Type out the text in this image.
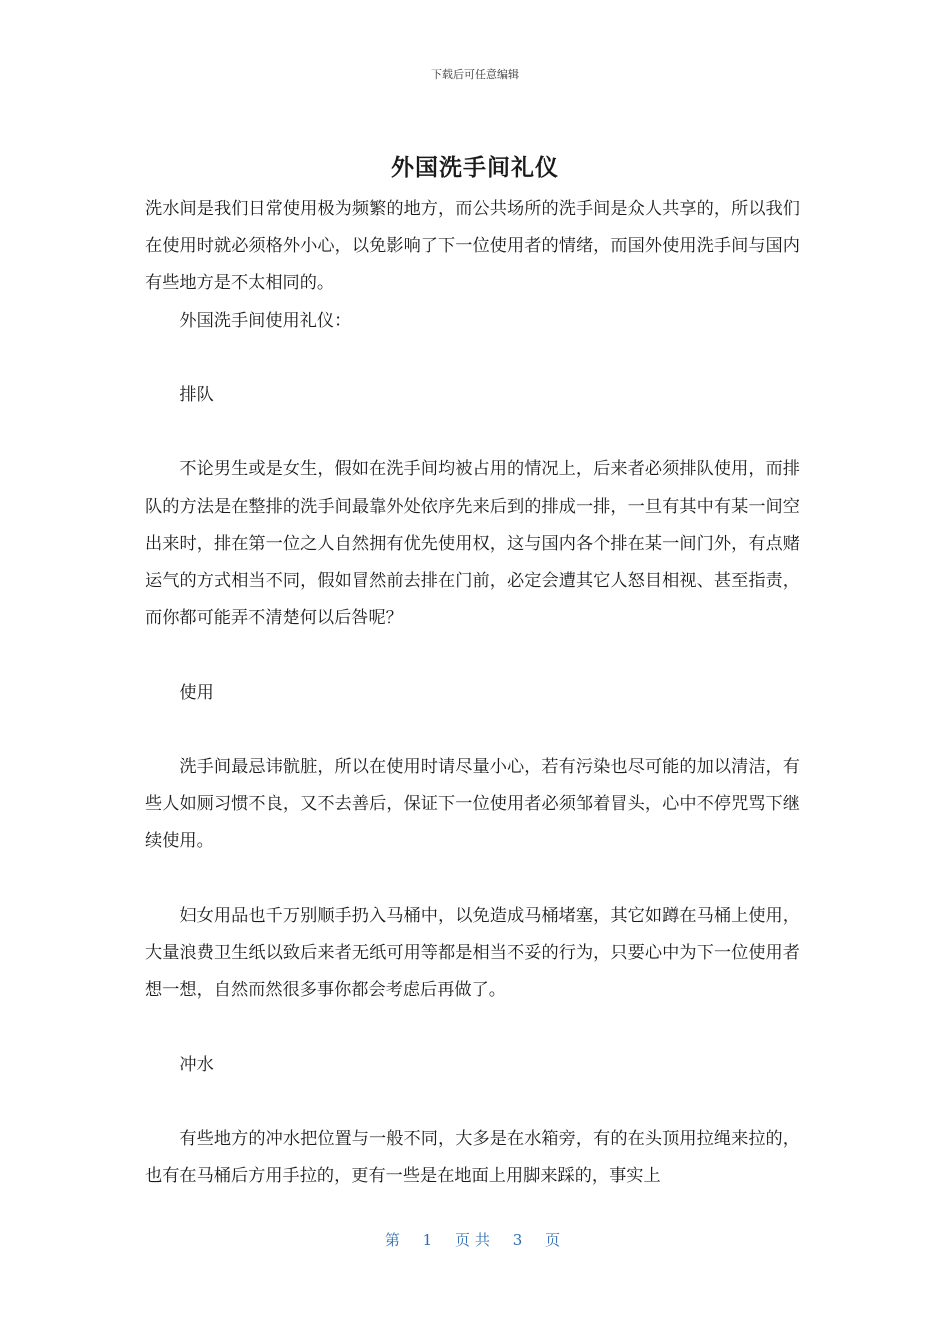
下载后可任意编辑
外国洗手间礼仪

洗水间是我们日常使用极为频繁的地方，而公共场所的洗手间是众人共享的，所以我们在使用时就必须格外小心，以免影响了下一位使用者的情绪，而国外使用洗手间与国内有些地方是不太相同的。

外国洗手间使用礼仪：

排队

不论男生或是女生，假如在洗手间均被占用的情况上，后来者必须排队使用，而排队的方法是在整排的洗手间最靠外处依序先来后到的排成一排，一旦有其中有某一间空出来时，排在第一位之人自然拥有优先使用权，这与国内各个排在某一间门外，有点赌运气的方式相当不同，假如冒然前去排在门前，必定会遭其它人怒目相视、甚至指责，而你都可能弄不清楚何以后咎呢？

使用

洗手间最忌讳骯脏，所以在使用时请尽量小心，若有污染也尽可能的加以清洁，有些人如厕习惯不良，又不去善后，保证下一位使用者必须邹着冒头，心中不停咒骂下继续使用。

妇女用品也千万别顺手扔入马桶中，以免造成马桶堵塞，其它如蹲在马桶上使用，大量浪费卫生纸以致后来者无纸可用等都是相当不妥的行为，只要心中为下一位使用者想一想，自然而然很多事你都会考虑后再做了。

冲水

有些地方的冲水把位置与一般不同，大多是在水箱旁，有的在头顶用拉绳来拉的，也有在马桶后方用手拉的，更有一些是在地面上用脚来踩的，事实上

第 1 页共 3 页
